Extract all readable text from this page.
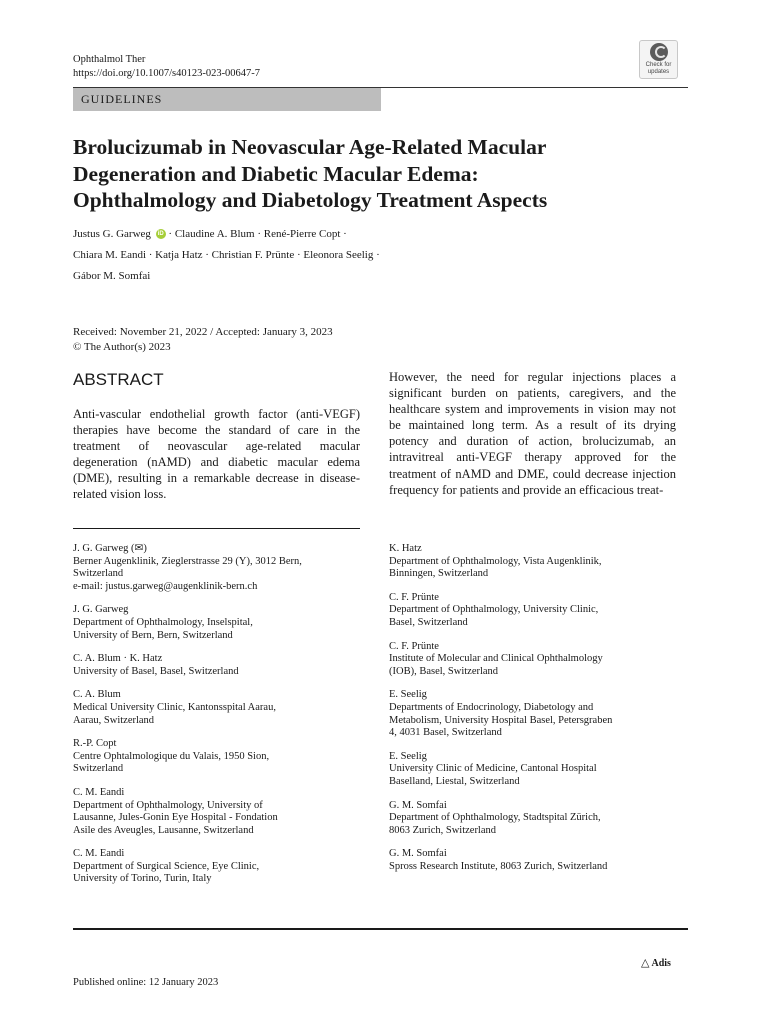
Ophthalmol Ther
https://doi.org/10.1007/s40123-023-00647-7
Check for
updates
GUIDELINES
Brolucizumab in Neovascular Age-Related Macular
Degeneration and Diabetic Macular Edema:
Ophthalmology and Diabetology Treatment Aspects
Justus G. Garweg iD · Claudine A. Blum · René-Pierre Copt ·
Chiara M. Eandi · Katja Hatz · Christian F. Prünte · Eleonora Seelig ·
Gábor M. Somfai
Received: November 21, 2022 / Accepted: January 3, 2023
© The Author(s) 2023
ABSTRACT

Anti-vascular endothelial growth factor (anti-VEGF) therapies have become the standard of care in the treatment of neovascular age-related macular degeneration (nAMD) and diabetic macular edema (DME), resulting in a remarkable decrease in disease-related vision loss.

However, the need for regular injections places a significant burden on patients, caregivers, and the healthcare system and improvements in vision may not be maintained long term. As a result of its drying potency and duration of action, brolucizumab, an intravitreal anti-VEGF therapy approved for the treatment of nAMD and DME, could decrease injection frequency for patients and provide an efficacious treat-

J. G. Garweg (✉)

Berner Augenklinik, Zieglerstrasse 29 (Y), 3012 Bern,

Switzerland

e-mail: justus.garweg@augenklinik-bern.ch

J. G. Garweg

Department of Ophthalmology, Inselspital,

University of Bern, Bern, Switzerland

C. A. Blum · K. Hatz

University of Basel, Basel, Switzerland

C. A. Blum

Medical University Clinic, Kantonsspital Aarau,

Aarau, Switzerland

R.-P. Copt

Centre Ophtalmologique du Valais, 1950 Sion,

Switzerland

C. M. Eandi

Department of Ophthalmology, University of

Lausanne, Jules-Gonin Eye Hospital - Fondation

Asile des Aveugles, Lausanne, Switzerland

C. M. Eandi

Department of Surgical Science, Eye Clinic,

University of Torino, Turin, Italy

K. Hatz

Department of Ophthalmology, Vista Augenklinik,

Binningen, Switzerland

C. F. Prünte

Department of Ophthalmology, University Clinic,

Basel, Switzerland

C. F. Prünte

Institute of Molecular and Clinical Ophthalmology

(IOB), Basel, Switzerland

E. Seelig

Departments of Endocrinology, Diabetology and

Metabolism, University Hospital Basel, Petersgraben

4, 4031 Basel, Switzerland

E. Seelig

University Clinic of Medicine, Cantonal Hospital

Baselland, Liestal, Switzerland

G. M. Somfai

Department of Ophthalmology, Stadtspital Zürich,

8063 Zurich, Switzerland

G. M. Somfai

Spross Research Institute, 8063 Zurich, Switzerland

△ Adis
Published online: 12 January 2023
